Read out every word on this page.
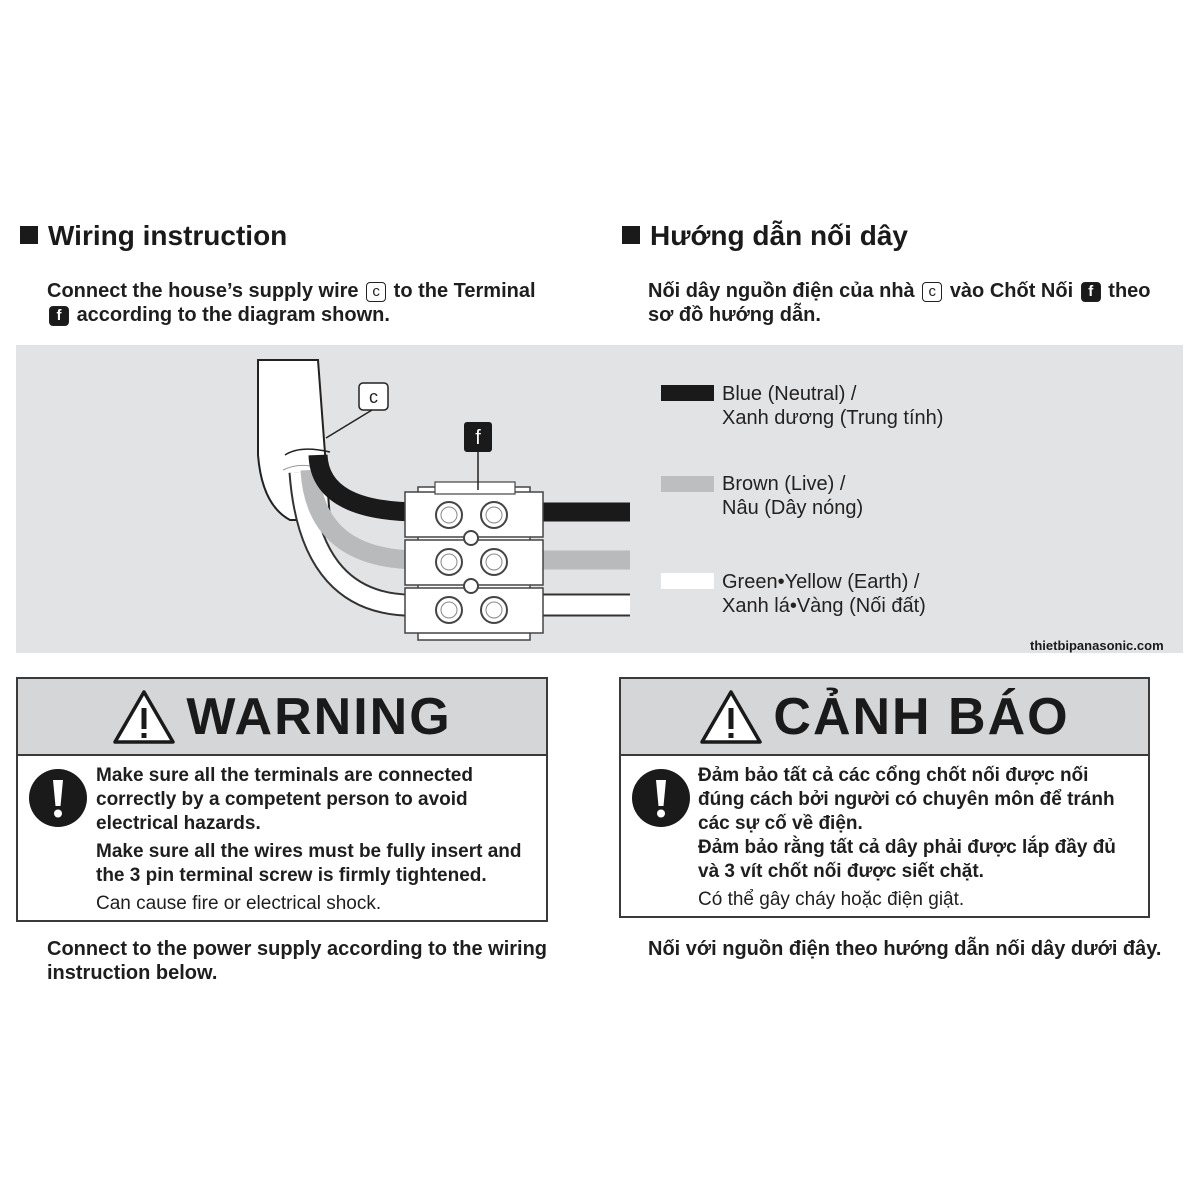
Wiring instruction	Hướng dẫn nối dây
Connect the house’s supply wire c to the Terminal
f according to the diagram shown.
Nối dây nguồn điện của nhà c vào Chốt Nối f theo
sơ đồ hướng dẫn.
c
f
Blue (Neutral) /
Xanh dương (Trung tính)
Brown (Live) /
Nâu (Dây nóng)
Green•Yellow (Earth) /
Xanh lá•Vàng (Nối đất)
thietbipanasonic.com
WARNING
Make sure all the terminals are connected
correctly by a competent person to avoid
electrical hazards.
Make sure all the wires must be fully insert and
the 3 pin terminal screw is firmly tightened.
Can cause fire or electrical shock.
CẢNH BÁO
Đảm bảo tất cả các cổng chốt nối được nối
đúng cách bởi người có chuyên môn để tránh
các sự cố về điện.
Đảm bảo rằng tất cả dây phải được lắp đầy đủ
và 3 vít chốt nối được siết chặt.
Có thể gây cháy hoặc điện giật.
Connect to the power supply according to the wiring
instruction below.
Nối với nguồn điện theo hướng dẫn nối dây dưới đây.
